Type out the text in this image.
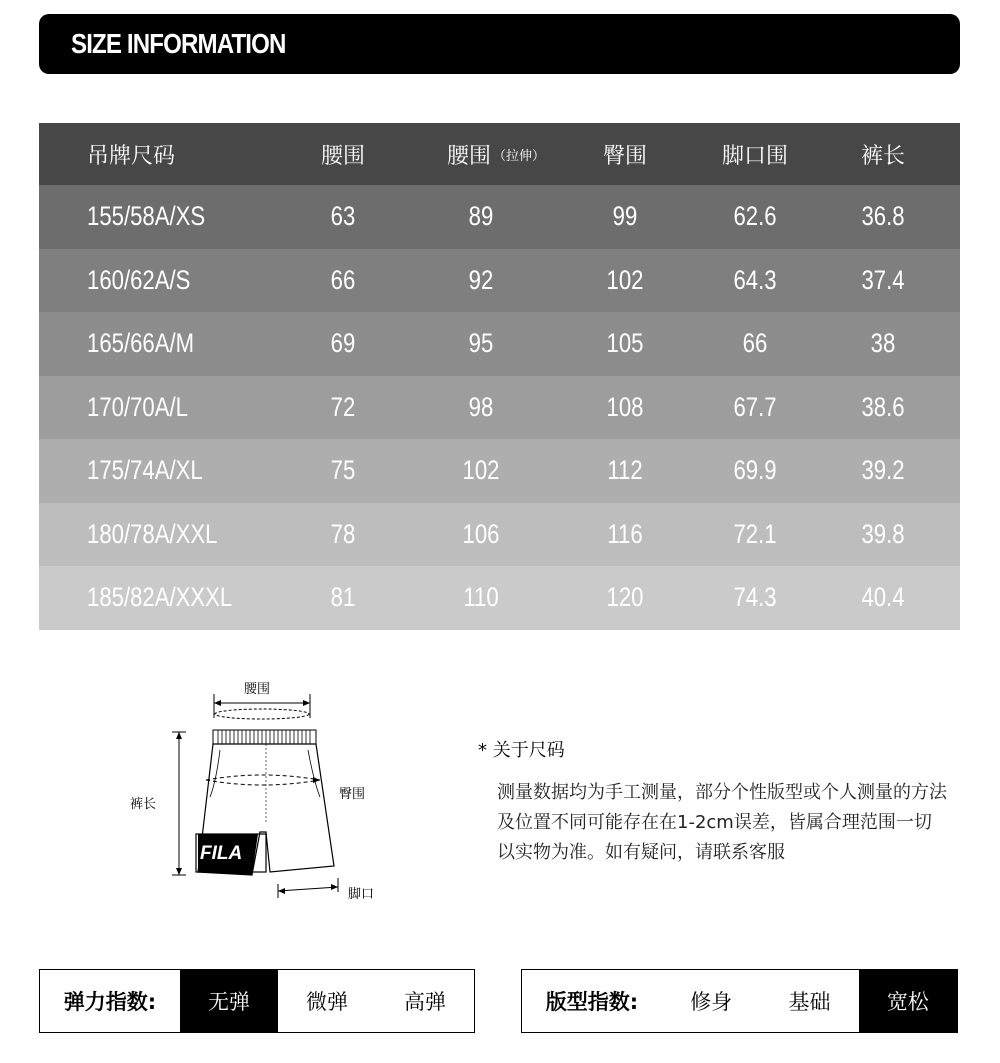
SIZE INFORMATION
吊牌尺码	腰围	腰围 （拉伸）	臀围	脚口围	裤长
155/58A/XS	63	89	99	62.6	36.8
160/62A/S	66	92	102	64.3	37.4
165/66A/M	69	95	105	66	38
170/70A/L	72	98	108	67.7	38.6
175/74A/XL	75	102	112	69.9	39.2
180/78A/XXL	78	106	116	72.1	39.8
185/82A/XXXL	81	110	120	74.3	40.4
FILA
腰围
裤长
臀围
脚口
* 关于尺码
测量数据均为手工测量，部分个性版型或个人测量的方法及位置不同可能存在在1-2cm误差，皆属合理范围一切以实物为准。如有疑问，请联系客服
弹力指数:	无弹	微弹	高弹	版型指数:	修身	基础	宽松
